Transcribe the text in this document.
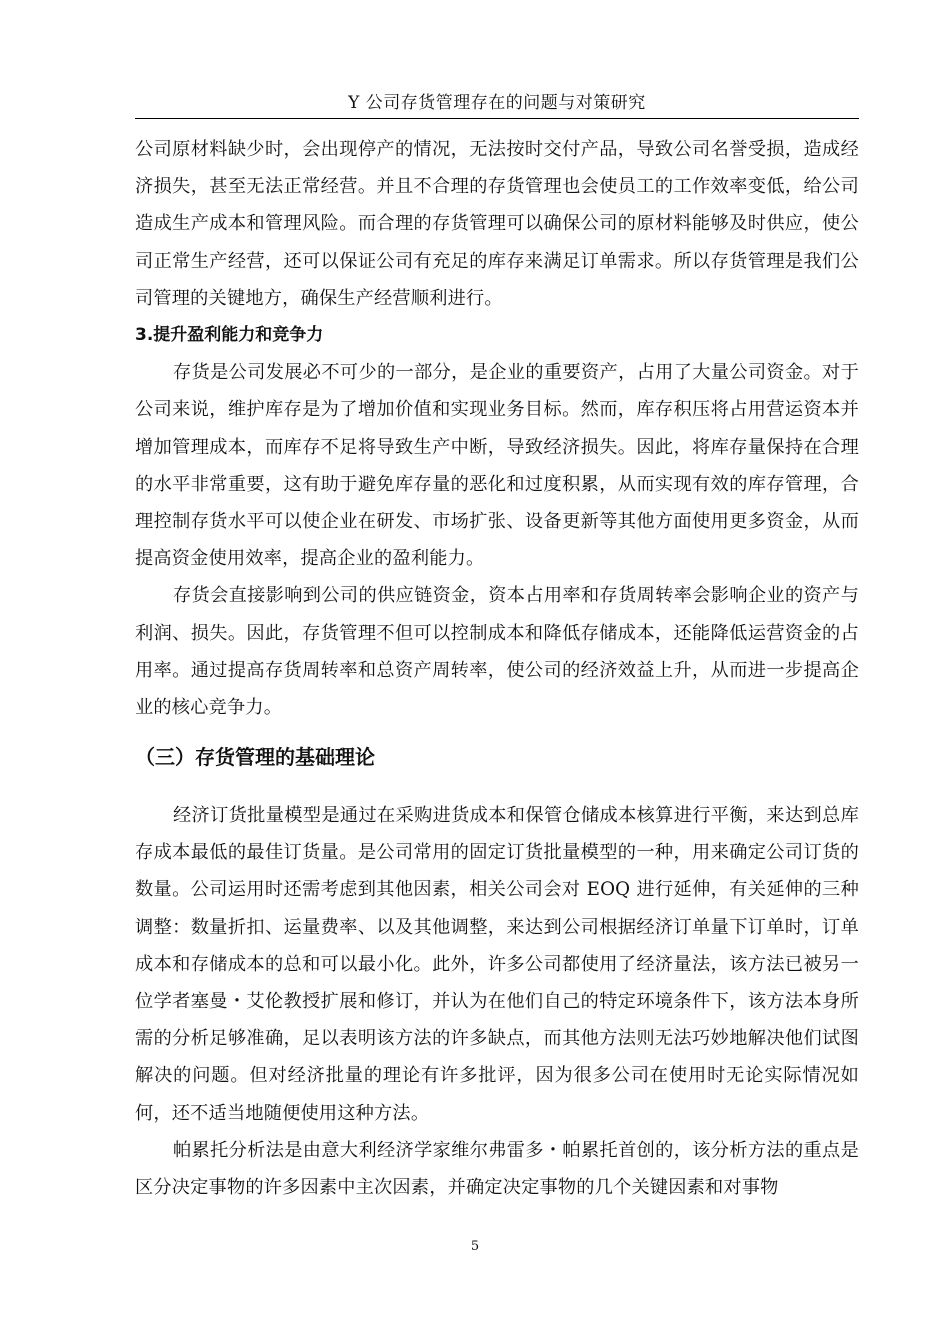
Y 公司存货管理存在的问题与对策研究

公司原材料缺少时，会出现停产的情况，无法按时交付产品，导致公司名誉受损，造成经济损失，甚至无法正常经营。并且不合理的存货管理也会使员工的工作效率变低，给公司造成生产成本和管理风险。而合理的存货管理可以确保公司的原材料能够及时供应，使公司正常生产经营，还可以保证公司有充足的库存来满足订单需求。所以存货管理是我们公司管理的关键地方，确保生产经营顺利进行。

3.提升盈利能力和竞争力

存货是公司发展必不可少的一部分，是企业的重要资产，占用了大量公司资金。对于公司来说，维护库存是为了增加价值和实现业务目标。然而，库存积压将占用营运资本并增加管理成本，而库存不足将导致生产中断，导致经济损失。因此，将库存量保持在合理的水平非常重要，这有助于避免库存量的恶化和过度积累，从而实现有效的库存管理，合理控制存货水平可以使企业在研发、市场扩张、设备更新等其他方面使用更多资金，从而提高资金使用效率，提高企业的盈利能力。

存货会直接影响到公司的供应链资金，资本占用率和存货周转率会影响企业的资产与利润、损失。因此，存货管理不但可以控制成本和降低存储成本，还能降低运营资金的占用率。通过提高存货周转率和总资产周转率，使公司的经济效益上升，从而进一步提高企业的核心竞争力。

（三）存货管理的基础理论

经济订货批量模型是通过在采购进货成本和保管仓储成本核算进行平衡，来达到总库存成本最低的最佳订货量。是公司常用的固定订货批量模型的一种，用来确定公司订货的数量。公司运用时还需考虑到其他因素，相关公司会对 EOQ 进行延伸，有关延伸的三种调整：数量折扣、运量费率、以及其他调整，来达到公司根据经济订单量下订单时，订单成本和存储成本的总和可以最小化。此外，许多公司都使用了经济量法，该方法已被另一位学者塞曼・艾伦教授扩展和修订，并认为在他们自己的特定环境条件下，该方法本身所需的分析足够准确，足以表明该方法的许多缺点，而其他方法则无法巧妙地解决他们试图解决的问题。但对经济批量的理论有许多批评，因为很多公司在使用时无论实际情况如何，还不适当地随便使用这种方法。

帕累托分析法是由意大利经济学家维尔弗雷多・帕累托首创的，该分析方法的重点是区分决定事物的许多因素中主次因素，并确定决定事物的几个关键因素和对事物

5
